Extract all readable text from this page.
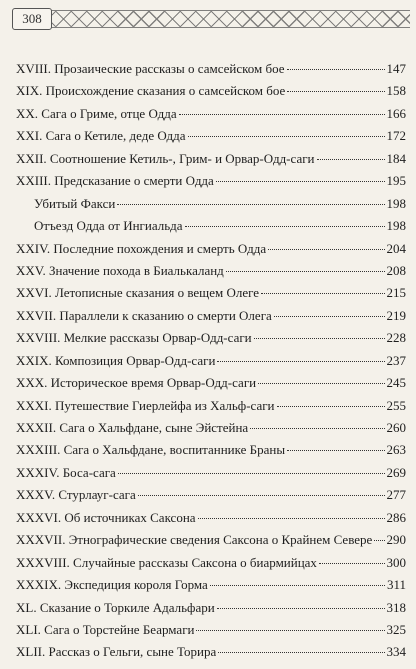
308
XVIII. Прозаические рассказы о самсейском бое	147
XIX. Происхождение сказания о самсейском бое	158
XX. Сага о Гриме, отце Одда	166
XXI. Сага о Кетиле, деде Одда	172
XXII. Соотношение Кетиль-, Грим- и Орвар-Одд-саги	184
XXIII. Предсказание о смерти Одда	195
Убитый Факси	198
Отъезд Одда от Ингиальда	198
XXIV. Последние похождения и смерть Одда	204
XXV. Значение похода в Биалькаланд	208
XXVI. Летописные сказания о вещем Олеге	215
XXVII. Параллели к сказанию о смерти Олега	219
XXVIII. Мелкие рассказы Орвар-Одд-саги	228
XXIX. Композиция Орвар-Одд-саги	237
XXX. Историческое время Орвар-Одд-саги	245
XXXI. Путешествие Гиерлейфа из Хальф-саги	255
XXXII. Сага о Хальфдане, сыне Эйстейна	260
XXXIII. Сага о Хальфдане, воспитаннике Браны	263
XXXIV. Боса-сага	269
XXXV. Стурлауг-сага	277
XXXVI. Об источниках Саксона	286
XXXVII. Этнографические сведения Саксона о Крайнем Севере 290
XXXVIII. Случайные рассказы Саксона о биармийцах	300
XXXIX. Экспедиция короля Горма	311
XL. Сказание о Торкиле Адальфари	318
XLI. Сага о Торстейне Беармаги	325
XLII. Рассказ о Гельги, сыне Торира	334
